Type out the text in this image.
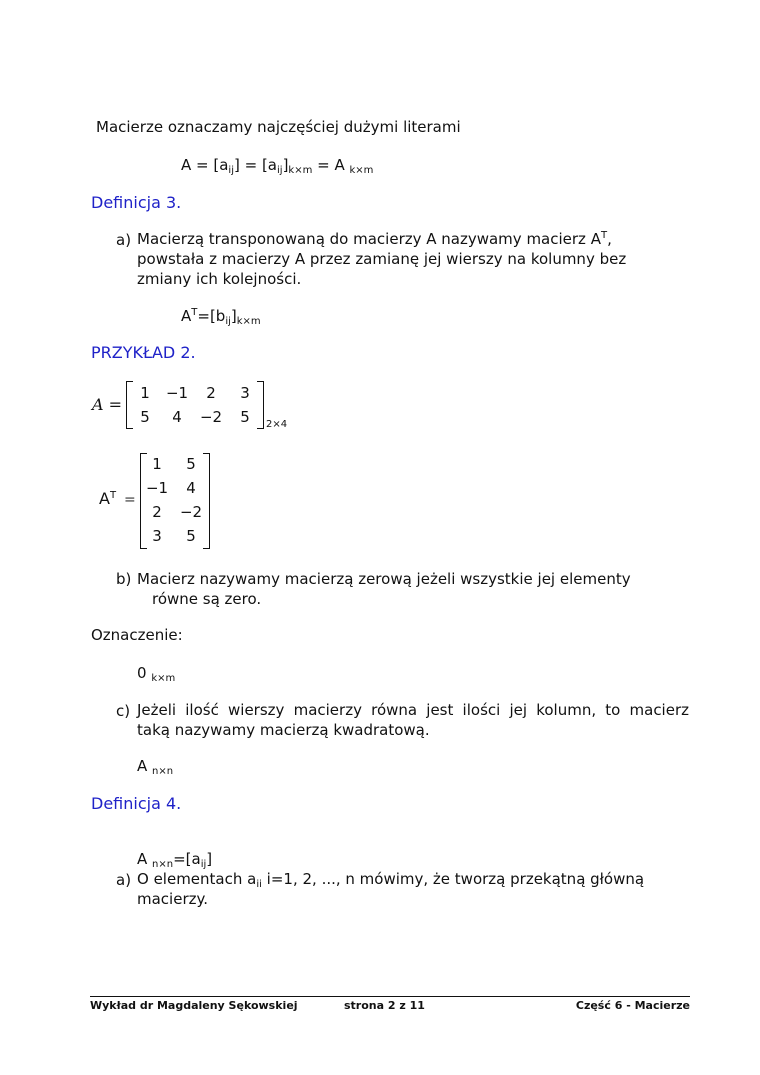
Macierze oznaczamy najczęściej dużymi literami
$A = [a_{ij}] = [a_{ij}]_{k\times m} = A$ $_{k\times m}$
Definicja 3.
a) Macierzą transponowaną do macierzy A nazywamy macierz $A^T$,
powstała z macierzy A przez zamianę jej wierszy na kolumny bez
zmiany ich kolejności.
$A^T=[b_{ij}]_{k\times m}$
PRZYKŁAD 2.
A =
1	−1	2	3
5	4	−2	5	2×4
$A^T$ =
1	5
−1	4
2	−2
3	5
b) Macierz nazywamy macierzą zerową jeżeli wszystkie jej elementy
równe są zero.
Oznaczenie:
0 $_{k\times m}$
c) Jeżeli ilość wierszy macierzy równa jest ilości jej kolumn, to macierz
taką nazywamy macierzą kwadratową.
A $_{n\times n}$
Definicja 4.
A $_{n\times n}=[a_{ij}]$
a) O elementach $a_{ii}$ i=1, 2, ..., n mówimy, że tworzą przekątną główną
macierzy.
Wykład dr Magdaleny Sękowskiej	strona 2 z 11	Część 6 - Macierze
